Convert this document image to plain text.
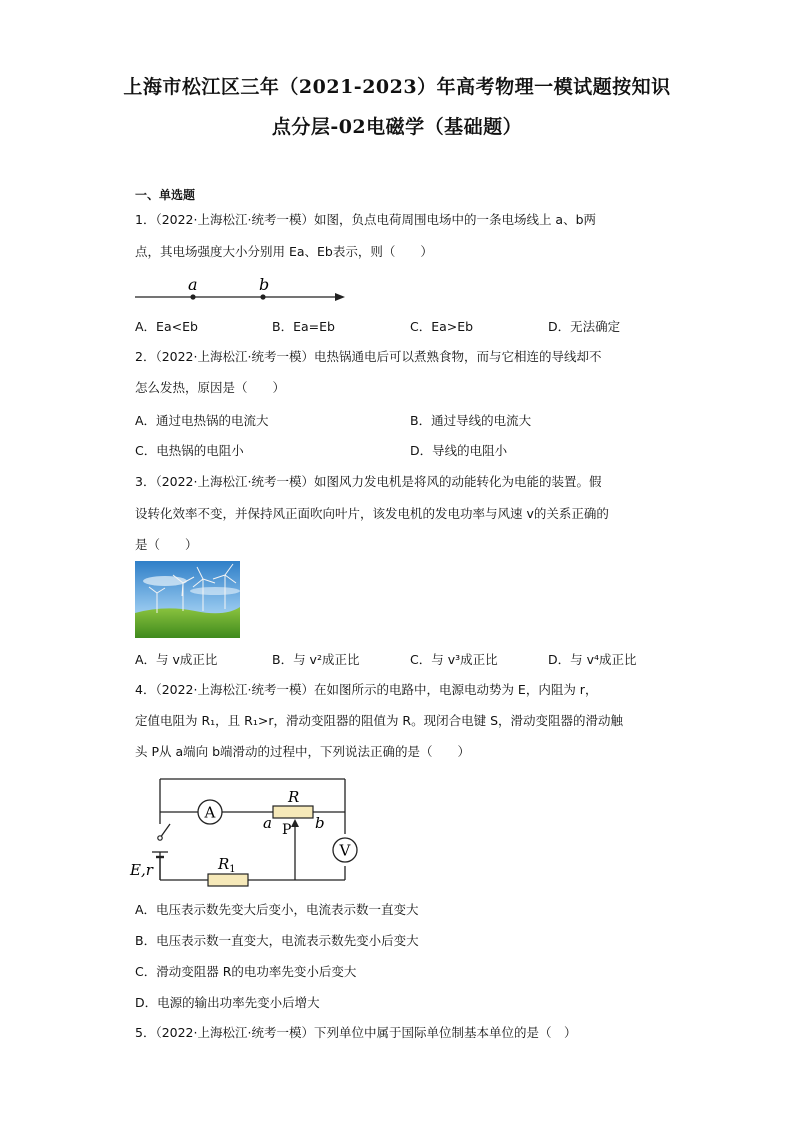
上海市松江区三年（2021-2023）年高考物理一模试题按知识
点分层-02电磁学（基础题）
一、单选题
1．（2022·上海松江·统考一模）如图，负点电荷周围电场中的一条电场线上 a、b两
点，其电场强度大小分别用 Ea、Eb表示，则（　　）
a	b
A．Ea<Eb	B．Ea=Eb	C．Ea>Eb	D．无法确定
2．（2022·上海松江·统考一模）电热锅通电后可以煮熟食物，而与它相连的导线却不
怎么发热，原因是（　　）
A．通过电热锅的电流大	B．通过导线的电流大
C．电热锅的电阻小	D．导线的电阻小
3．（2022·上海松江·统考一模）如图风力发电机是将风的动能转化为电能的装置。假
设转化效率不变，并保持风正面吹向叶片，该发电机的发电功率与风速 v的关系正确的
是（　　）
A．与 v成正比	B．与 v²成正比	C．与 v³成正比	D．与 v⁴成正比
4．（2022·上海松江·统考一模）在如图所示的电路中，电源电动势为 E，内阻为 r，
定值电阻为 R₁，且 R₁>r，滑动变阻器的阻值为 R。现闭合电键 S，滑动变阻器的滑动触
头 P从 a端向 b端滑动的过程中，下列说法正确的是（　　）
A
R
a	b
P
V
$R_1$
E,r
A．电压表示数先变大后变小，电流表示数一直变大
B．电压表示数一直变大，电流表示数先变小后变大
C．滑动变阻器 R的电功率先变小后变大
D．电源的输出功率先变小后增大
5．（2022·上海松江·统考一模）下列单位中属于国际单位制基本单位的是（　）
